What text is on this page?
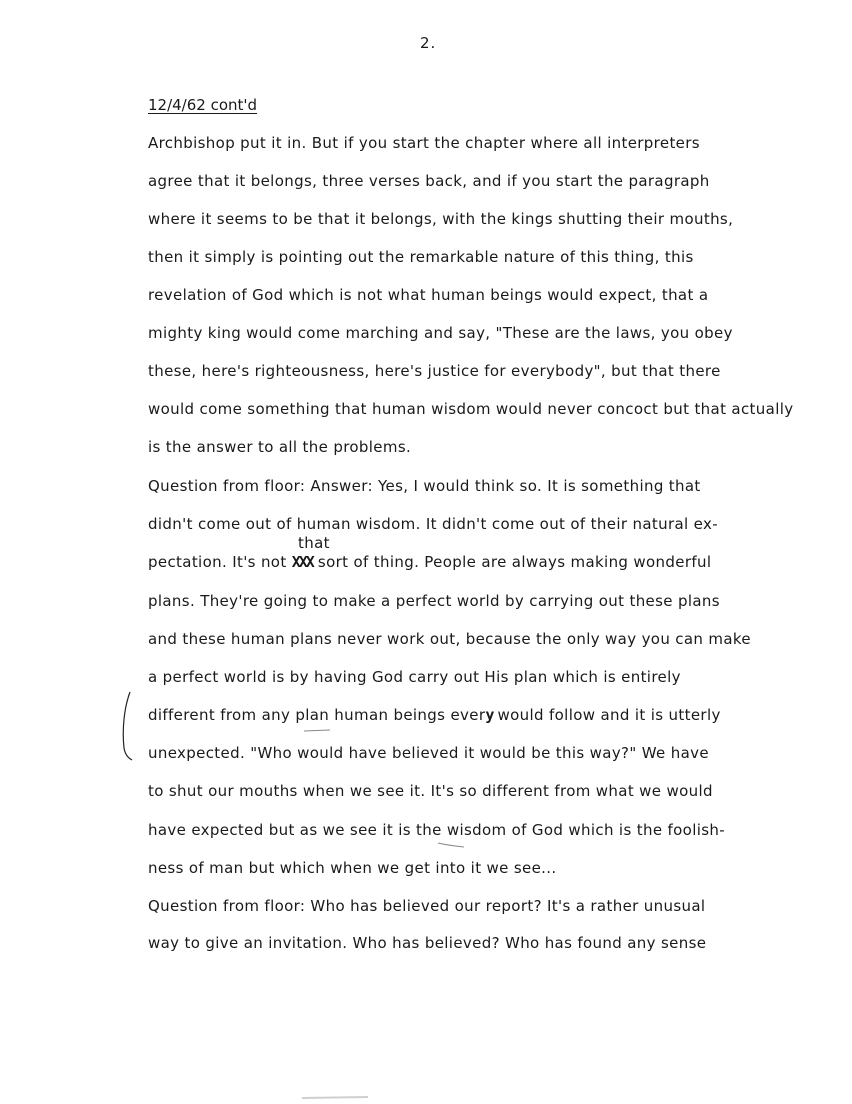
2.
12/4/62 cont'd
Archbishop put it in. But if you start the chapter where all interpreters
agree that it belongs, three verses back, and if you start the paragraph
where it seems to be that it belongs, with the kings shutting their mouths,
then it simply is pointing out the remarkable nature of this thing, this
revelation of God which is not what human beings would expect, that a
mighty king would come marching and say, "These are the laws, you obey
these, here's righteousness, here's justice for everybody", but that there
would come something that human wisdom would never concoct but that actually
is the answer to all the problems.
Question from floor: Answer: Yes, I would think so. It is something that
didn't come out of human wisdom. It didn't come out of their natural ex-
that
pectation. It's not XXX sort of thing. People are always making wonderful
plans. They're going to make a perfect world by carrying out these plans
and these human plans never work out, because the only way you can make
a perfect world is by having God carry out His plan which is entirely
different from any plan human beings every would follow and it is utterly
unexpected. "Who would have believed it would be this way?" We have
to shut our mouths when we see it. It's so different from what we would
have expected but as we see it is the wisdom of God which is the foolish-
ness of man but which when we get into it we see...
Question from floor: Who has believed our report? It's a rather unusual
way to give an invitation. Who has believed? Who has found any sense
